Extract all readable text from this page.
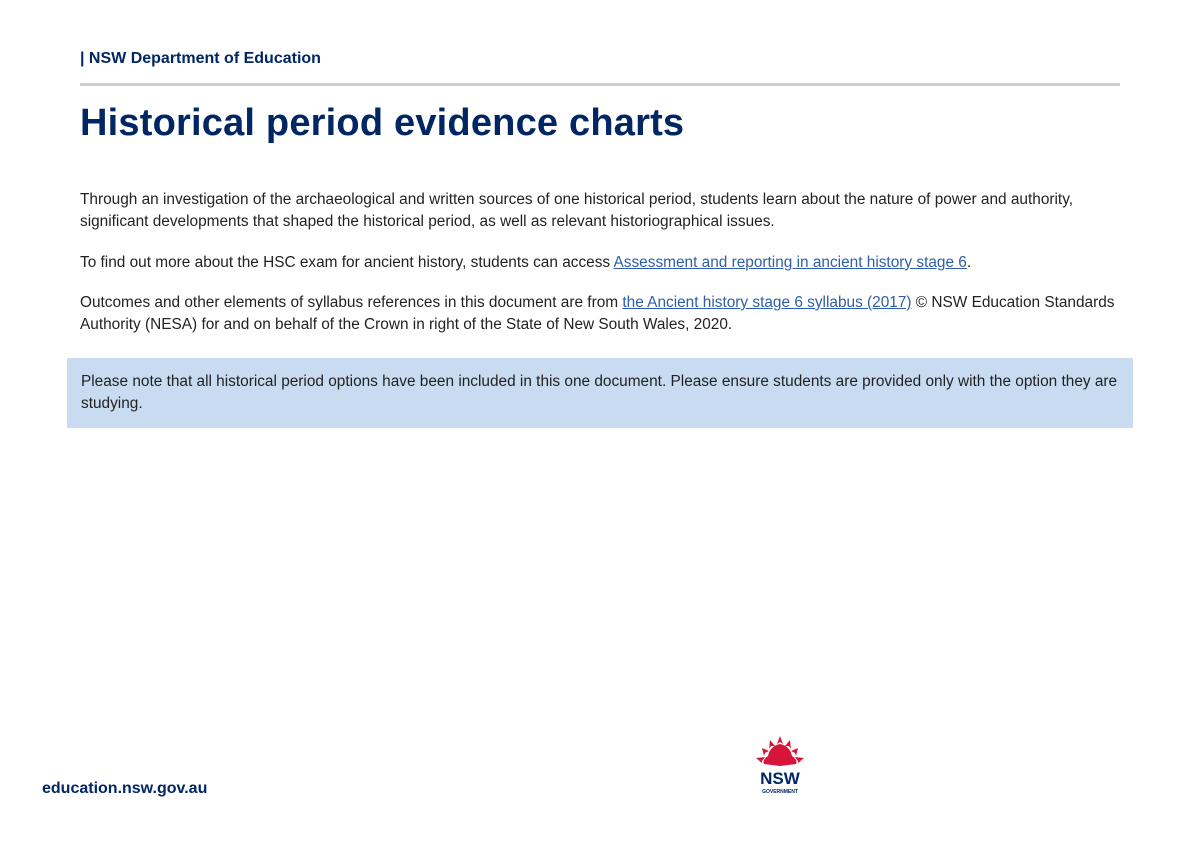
| NSW Department of Education
Historical period evidence charts

Through an investigation of the archaeological and written sources of one historical period, students learn about the nature of power and authority, significant developments that shaped the historical period, as well as relevant historiographical issues.

To find out more about the HSC exam for ancient history, students can access Assessment and reporting in ancient history stage 6.

Outcomes and other elements of syllabus references in this document are from the Ancient history stage 6 syllabus (2017) © NSW Education Standards Authority (NESA) for and on behalf of the Crown in right of the State of New South Wales, 2020.

Please note that all historical period options have been included in this one document. Please ensure students are provided only with the option they are studying.

education.nsw.gov.au
NSW
GOVERNMENT
